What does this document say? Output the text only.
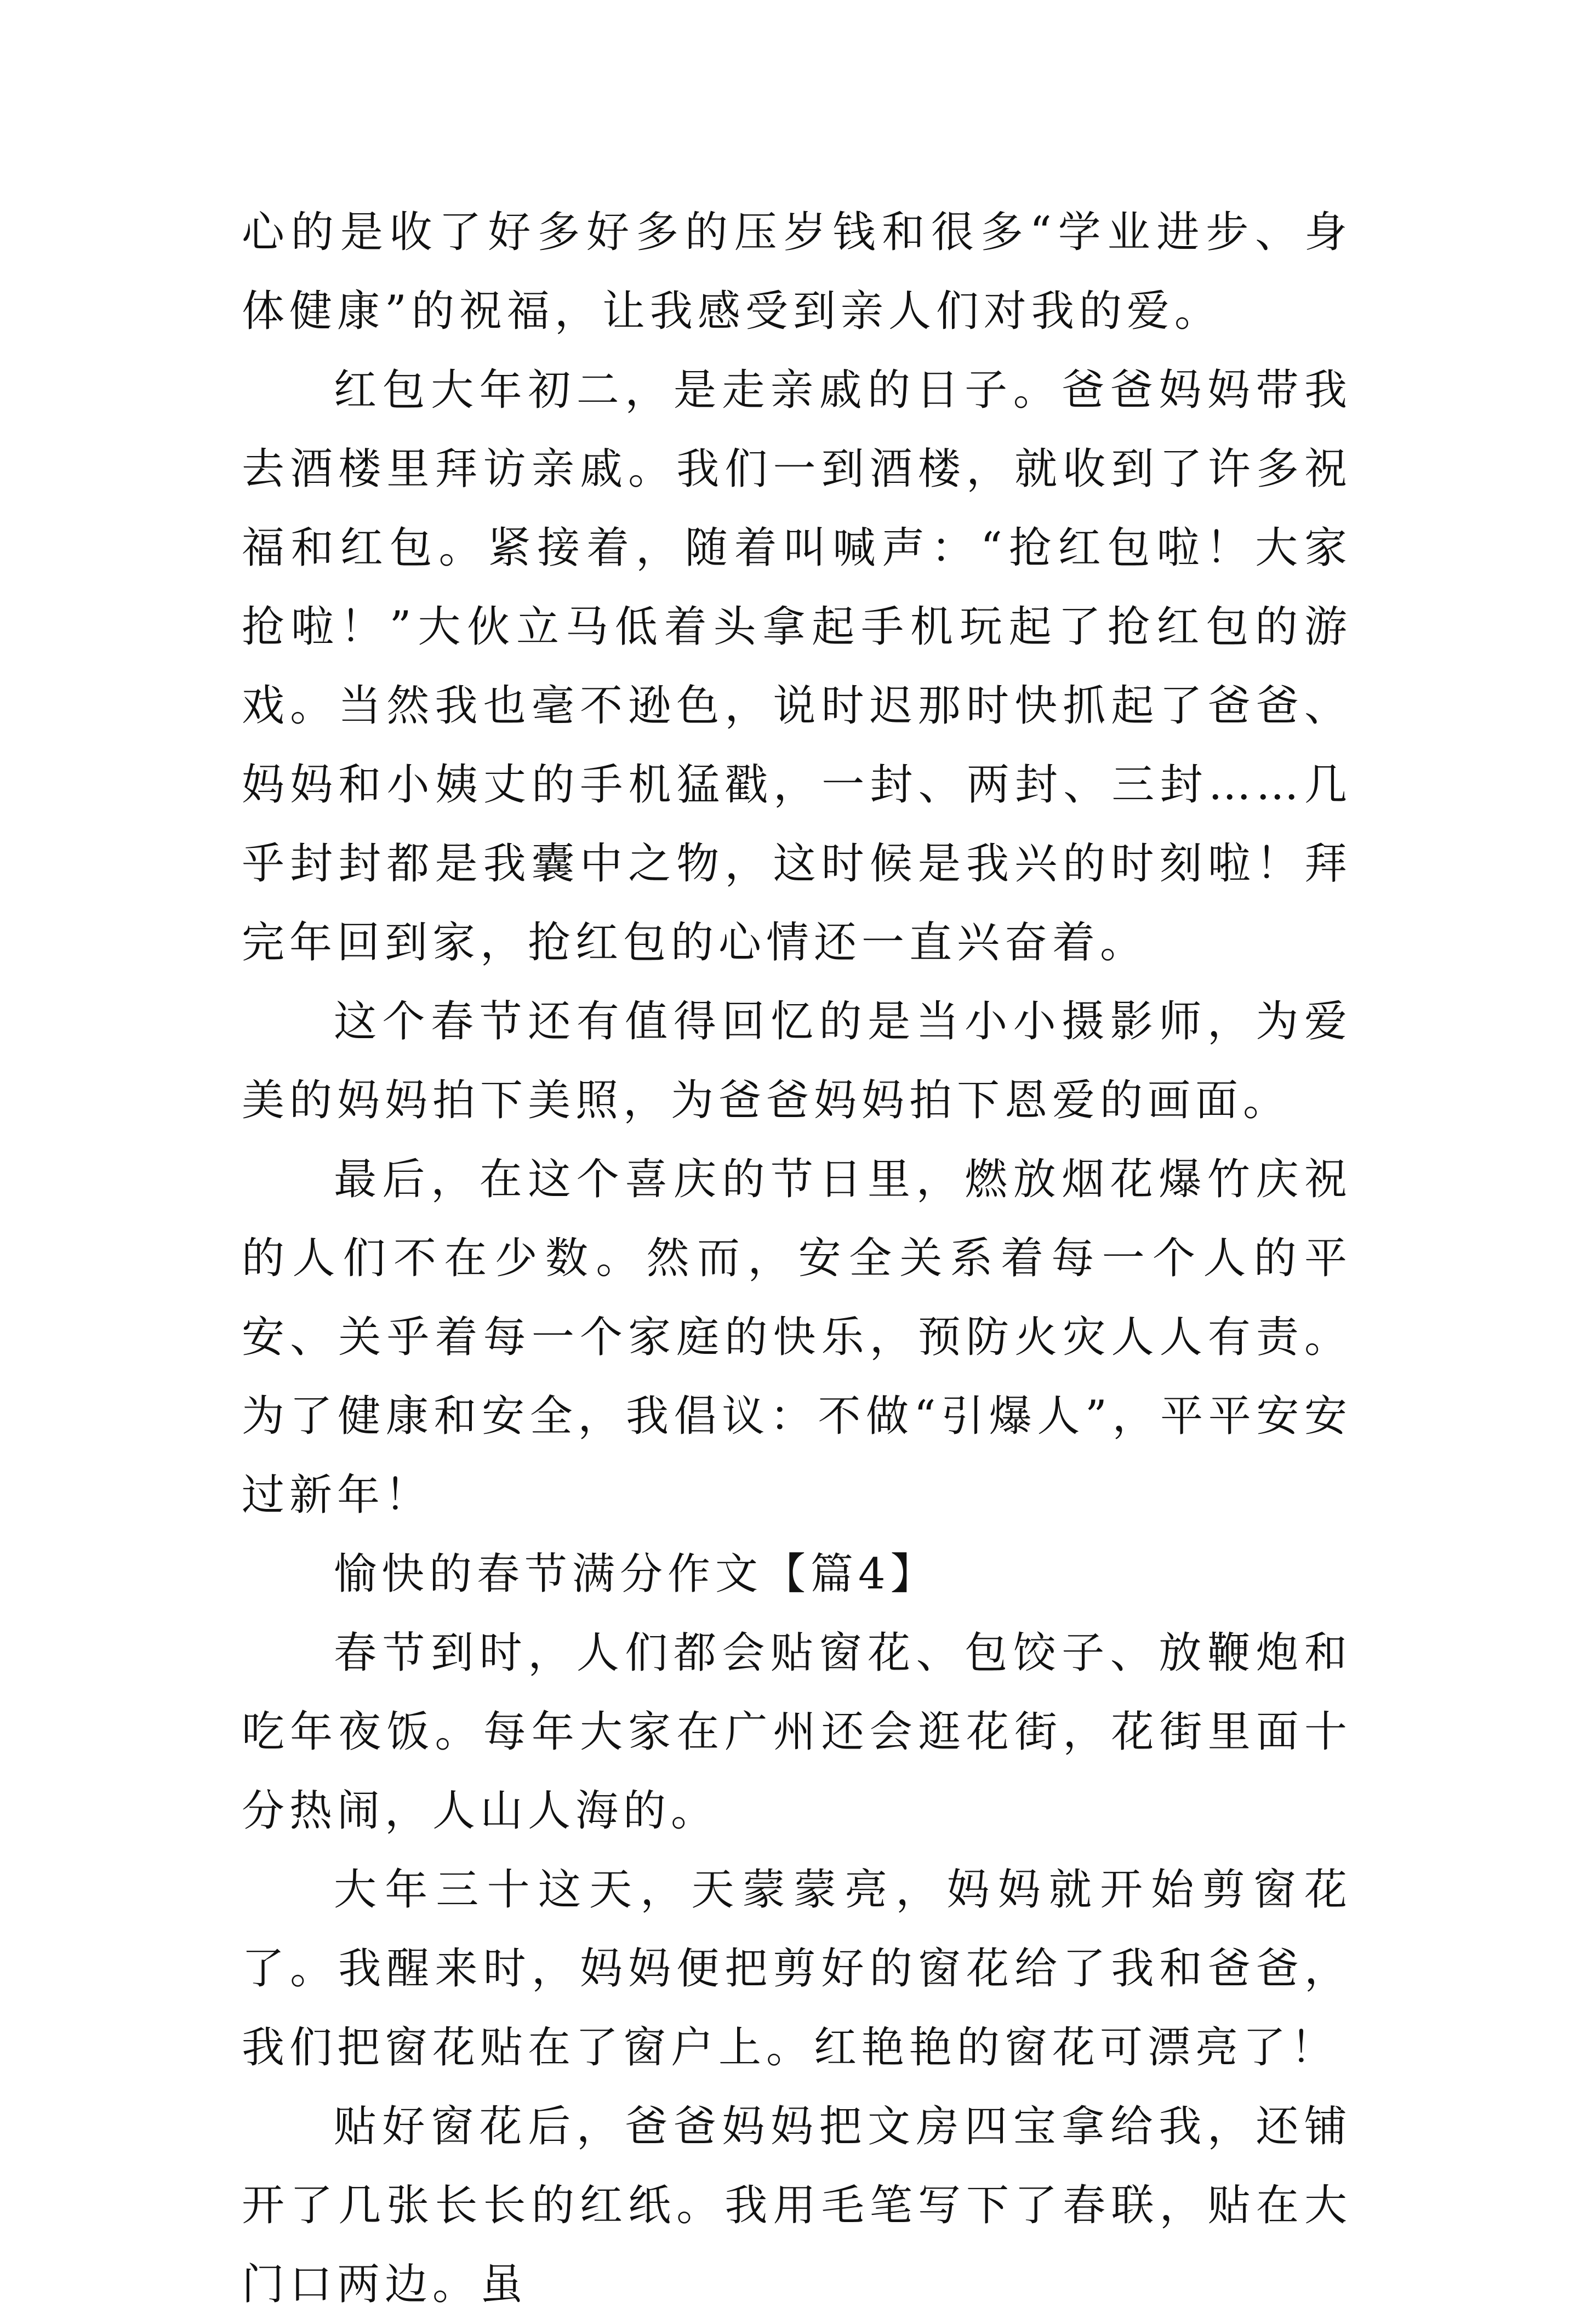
心的是收了好多好多的压岁钱和很多“学业进步、身体健康”的祝福，让我感受到亲人们对我的爱。

红包大年初二，是走亲戚的日子。爸爸妈妈带我去酒楼里拜访亲戚。我们一到酒楼，就收到了许多祝福和红包。紧接着，随着叫喊声：“抢红包啦！大家抢啦！”大伙立马低着头拿起手机玩起了抢红包的游戏。当然我也毫不逊色，说时迟那时快抓起了爸爸、妈妈和小姨丈的手机猛戳，一封、两封、三封……几乎封封都是我囊中之物，这时候是我兴的时刻啦！拜完年回到家，抢红包的心情还一直兴奋着。

这个春节还有值得回忆的是当小小摄影师，为爱美的妈妈拍下美照，为爸爸妈妈拍下恩爱的画面。

最后，在这个喜庆的节日里，燃放烟花爆竹庆祝的人们不在少数。然而，安全关系着每一个人的平安、关乎着每一个家庭的快乐，预防火灾人人有责。为了健康和安全，我倡议：不做“引爆人”，平平安安过新年！

愉快的春节满分作文【篇4】

春节到时，人们都会贴窗花、包饺子、放鞭炮和吃年夜饭。每年大家在广州还会逛花街，花街里面十分热闹，人山人海的。

大年三十这天，天蒙蒙亮，妈妈就开始剪窗花了。我醒来时，妈妈便把剪好的窗花给了我和爸爸，我们把窗花贴在了窗户上。红艳艳的窗花可漂亮了！

贴好窗花后，爸爸妈妈把文房四宝拿给我，还铺开了几张长长的红纸。我用毛笔写下了春联，贴在大门口两边。虽
